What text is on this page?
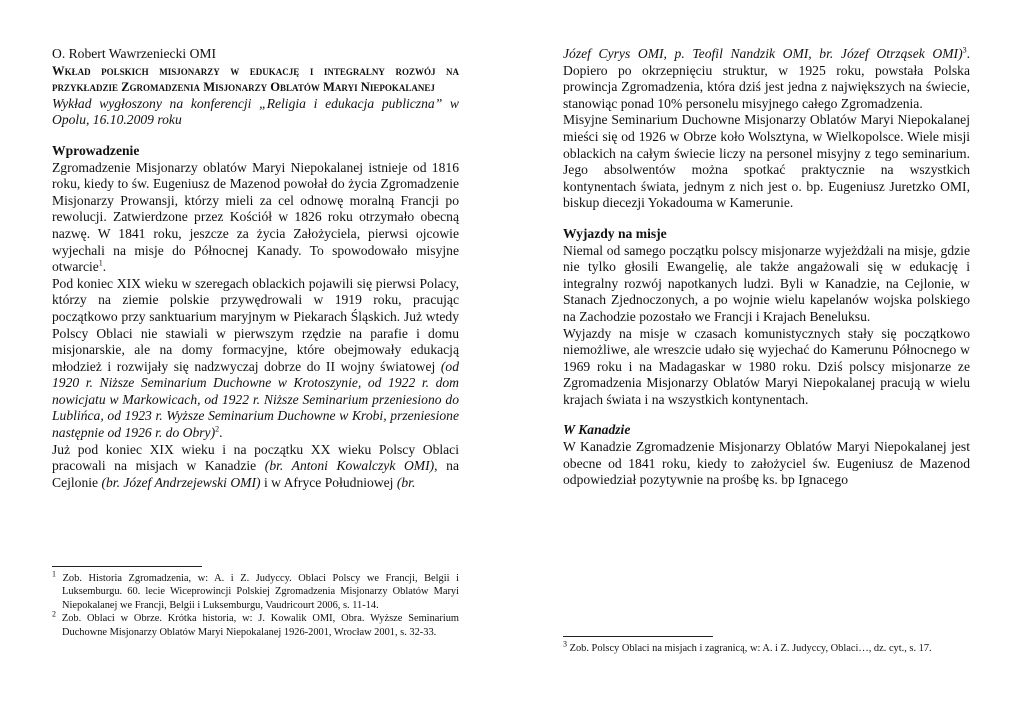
O. Robert Wawrzeniecki OMI

Wkład polskich misjonarzy w edukację i integralny rozwój na przykładzie Zgromadzenia Misjonarzy Oblatów Maryi Niepokalanej

Wykład wygłoszony na konferencji „Religia i edukacja publiczna” w Opolu, 16.10.2009 roku

Wprowadzenie

Zgromadzenie Misjonarzy oblatów Maryi Niepokalanej istnieje od 1816 roku, kiedy to św. Eugeniusz de Mazenod powołał do życia Zgromadzenie Misjonarzy Prowansji, którzy mieli za cel odnowę moralną Francji po rewolucji. Zatwierdzone przez Kościół w 1826 roku otrzymało obecną nazwę. W 1841 roku, jeszcze za życia Założyciela, pierwsi ojcowie wyjechali na misje do Północnej Kanady. To spowodowało misyjne otwarcie$^1$.

Pod koniec XIX wieku w szeregach oblackich pojawili się pierwsi Polacy, którzy na ziemie polskie przywędrowali w 1919 roku, pracując początkowo przy sanktuarium maryjnym w Piekarach Śląskich. Już wtedy Polscy Oblaci nie stawiali w pierwszym rzędzie na parafie i domu misjonarskie, ale na domy formacyjne, które obejmowały edukacją młodzież i rozwijały się nadzwyczaj dobrze do II wojny światowej (od 1920 r. Niższe Seminarium Duchowne w Krotoszynie, od 1922 r. dom nowicjatu w Markowicach, od 1922 r. Niższe Seminarium przeniesiono do Lublińca, od 1923 r. Wyższe Seminarium Duchowne w Krobi, przeniesione następnie od 1926 r. do Obry)$^2$.

Już pod koniec XIX wieku i na początku XX wieku Polscy Oblaci pracowali na misjach w Kanadzie (br. Antoni Kowalczyk OMI), na Cejlonie (br. Józef Andrzejewski OMI) i w Afryce Południowej (br.

$^1$ Zob. Historia Zgromadzenia, w: A. i Z. Judyccy. Oblaci Polscy we Francji, Belgii i Luksemburgu. 60. lecie Wiceprowincji Polskiej Zgromadzenia Misjonarzy Oblatów Maryi Niepokalanej we Francji, Belgii i Luksemburgu, Vaudricourt 2006, s. 11-14.

$^2$ Zob. Oblaci w Obrze. Krótka historia, w: J. Kowalik OMI, Obra. Wyższe Seminarium Duchowne Misjonarzy Oblatów Maryi Niepokalanej 1926-2001, Wrocław 2001, s. 32-33.

Józef Cyrys OMI, p. Teofil Nandzik OMI, br. Józef Otrząsek OMI)$^3$. Dopiero po okrzepnięciu struktur, w 1925 roku, powstała Polska prowincja Zgromadzenia, która dziś jest jedna z największych na świecie, stanowiąc ponad 10% personelu misyjnego całego Zgromadzenia.

Misyjne Seminarium Duchowne Misjonarzy Oblatów Maryi Niepokalanej mieści się od 1926 w Obrze koło Wolsztyna, w Wielkopolsce. Wiele misji oblackich na całym świecie liczy na personel misyjny z tego seminarium. Jego absolwentów można spotkać praktycznie na wszystkich kontynentach świata, jednym z nich jest o. bp. Eugeniusz Juretzko OMI, biskup diecezji Yokadouma w Kamerunie.

Wyjazdy na misje

Niemal od samego początku polscy misjonarze wyjeżdżali na misje, gdzie nie tylko głosili Ewangelię, ale także angażowali się w edukację i integralny rozwój napotkanych ludzi. Byli w Kanadzie, na Cejlonie, w Stanach Zjednoczonych, a po wojnie wielu kapelanów wojska polskiego na Zachodzie pozostało we Francji i Krajach Beneluksu.

Wyjazdy na misje w czasach komunistycznych stały się początkowo niemożliwe, ale wreszcie udało się wyjechać do Kamerunu Północnego w 1969 roku i na Madagaskar w 1980 roku. Dziś polscy misjonarze ze Zgromadzenia Misjonarzy Oblatów Maryi Niepokalanej pracują w wielu krajach świata i na wszystkich kontynentach.

W Kanadzie

W Kanadzie Zgromadzenie Misjonarzy Oblatów Maryi Niepokalanej jest obecne od 1841 roku, kiedy to założyciel św. Eugeniusz de Mazenod odpowiedział pozytywnie na prośbę ks. bp Ignacego

$^3$ Zob. Polscy Oblaci na misjach i zagranicą, w: A. i Z. Judyccy, Oblaci…, dz. cyt., s. 17.
